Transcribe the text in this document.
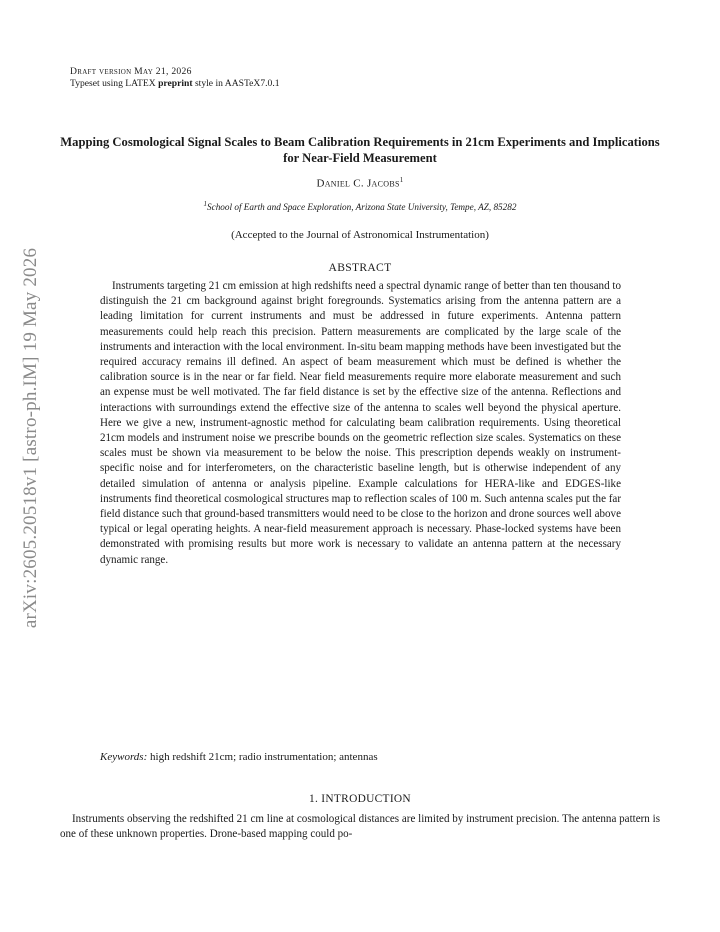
arXiv:2605.20518v1 [astro-ph.IM] 19 May 2026
Draft version May 21, 2026
Typeset using LATEX preprint style in AASTeX7.0.1
Mapping Cosmological Signal Scales to Beam Calibration Requirements in 21cm Experiments and Implications for Near-Field Measurement
Daniel C. Jacobs$^1$
$^1$School of Earth and Space Exploration, Arizona State University, Tempe, AZ, 85282
(Accepted to the Journal of Astronomical Instrumentation)
ABSTRACT

Instruments targeting 21 cm emission at high redshifts need a spectral dynamic range of better than ten thousand to distinguish the 21 cm background against bright foregrounds. Systematics arising from the antenna pattern are a leading limitation for current instruments and must be addressed in future experiments. Antenna pattern measurements could help reach this precision. Pattern measurements are complicated by the large scale of the instruments and interaction with the local environment. In-situ beam mapping methods have been investigated but the required accuracy remains ill defined. An aspect of beam measurement which must be defined is whether the calibration source is in the near or far field. Near field measurements require more elaborate measurement and such an expense must be well motivated. The far field distance is set by the effective size of the antenna. Reflections and interactions with surroundings extend the effective size of the antenna to scales well beyond the physical aperture. Here we give a new, instrument-agnostic method for calculating beam calibration requirements. Using theoretical 21cm models and instrument noise we prescribe bounds on the geometric reflection size scales. Systematics on these scales must be shown via measurement to be below the noise. This prescription depends weakly on instrument-specific noise and for interferometers, on the characteristic baseline length, but is otherwise independent of any detailed simulation of antenna or analysis pipeline. Example calculations for HERA-like and EDGES-like instruments find theoretical cosmological structures map to reflection scales of 100 m. Such antenna scales put the far field distance such that ground-based transmitters would need to be close to the horizon and drone sources well above typical or legal operating heights. A near-field measurement approach is necessary. Phase-locked systems have been demonstrated with promising results but more work is necessary to validate an antenna pattern at the necessary dynamic range.

Keywords: high redshift 21cm; radio instrumentation; antennas
1. INTRODUCTION

Instruments observing the redshifted 21 cm line at cosmological distances are limited by instrument precision. The antenna pattern is one of these unknown properties. Drone-based mapping could po-
